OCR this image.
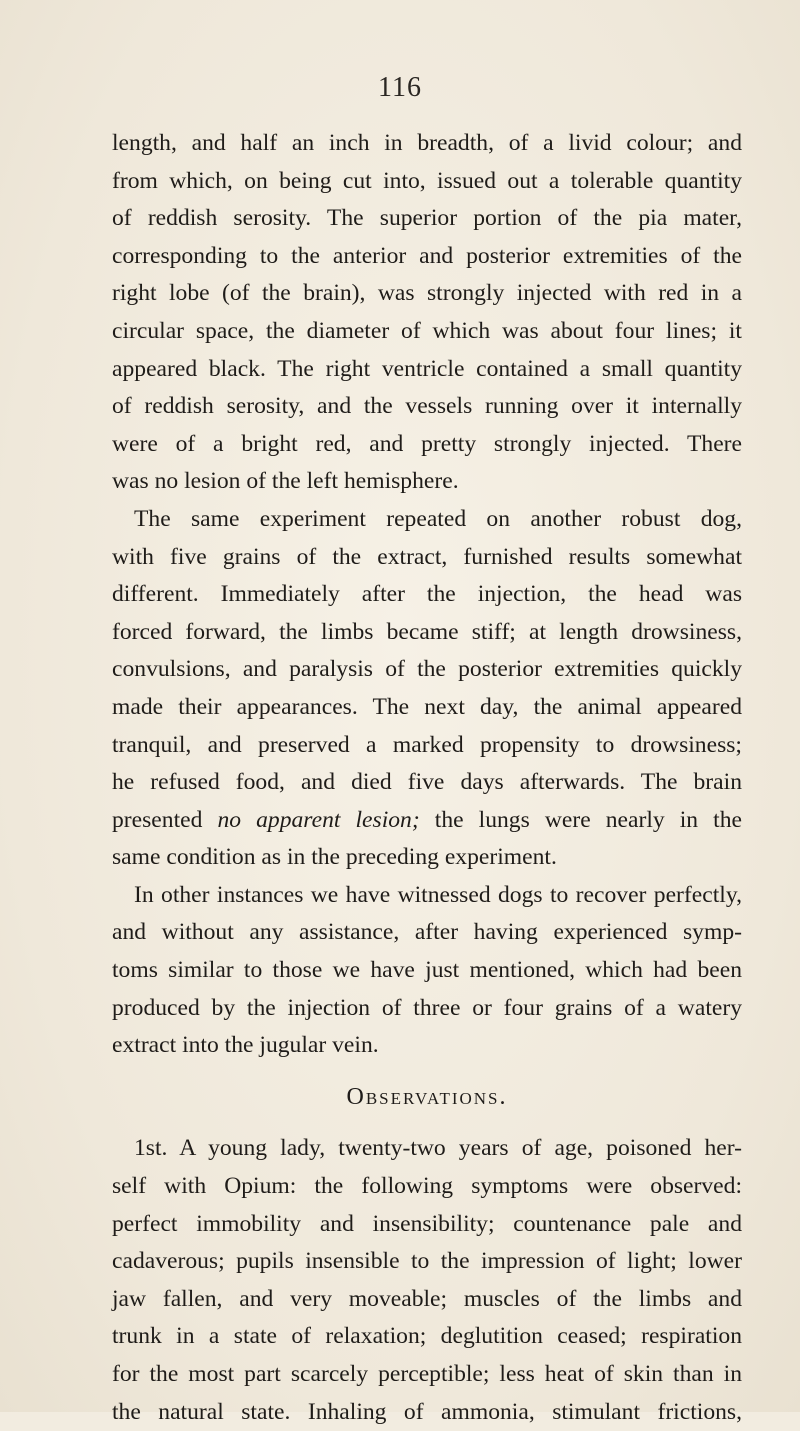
116
length, and half an inch in breadth, of a livid colour; and
from which, on being cut into, issued out a tolerable quantity
of reddish serosity. The superior portion of the pia mater,
corresponding to the anterior and posterior extremities of the
right lobe (of the brain), was strongly injected with red in a
circular space, the diameter of which was about four lines; it
appeared black. The right ventricle contained a small quantity
of reddish serosity, and the vessels running over it internally
were of a bright red, and pretty strongly injected. There
was no lesion of the left hemisphere.
The same experiment repeated on another robust dog,
with five grains of the extract, furnished results somewhat
different. Immediately after the injection, the head was
forced forward, the limbs became stiff; at length drowsiness,
convulsions, and paralysis of the posterior extremities quickly
made their appearances. The next day, the animal appeared
tranquil, and preserved a marked propensity to drowsiness;
he refused food, and died five days afterwards. The brain
presented no apparent lesion; the lungs were nearly in the
same condition as in the preceding experiment.
In other instances we have witnessed dogs to recover perfectly,
and without any assistance, after having experienced symp-
toms similar to those we have just mentioned, which had been
produced by the injection of three or four grains of a watery
extract into the jugular vein.
Observations.
1st. A young lady, twenty-two years of age, poisoned her-
self with Opium: the following symptoms were observed:
perfect immobility and insensibility; countenance pale and
cadaverous; pupils insensible to the impression of light; lower
jaw fallen, and very moveable; muscles of the limbs and
trunk in a state of relaxation; deglutition ceased; respiration
for the most part scarcely perceptible; less heat of skin than in
the natural state. Inhaling of ammonia, stimulant frictions,
